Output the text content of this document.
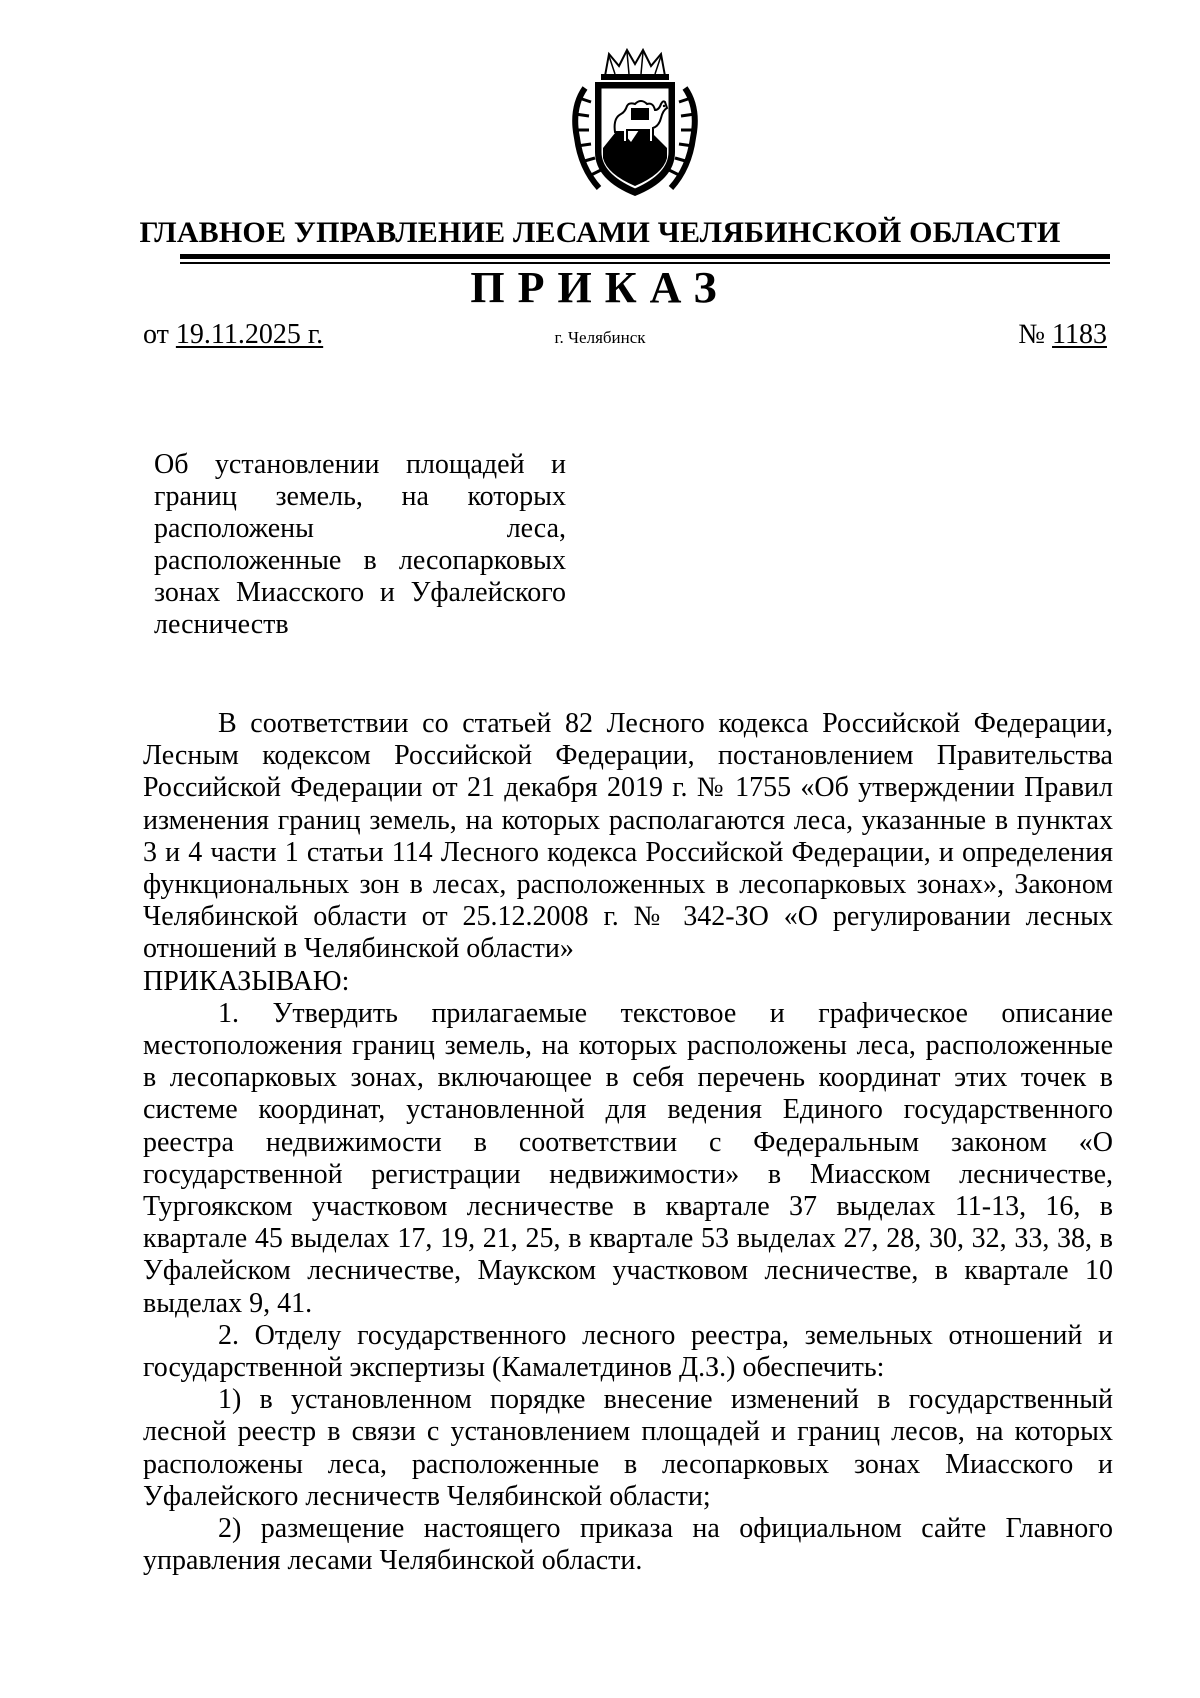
ГЛАВНОЕ УПРАВЛЕНИЕ ЛЕСАМИ ЧЕЛЯБИНСКОЙ ОБЛАСТИ
ПРИКАЗ
от 19.11.2025 г.	г. Челябинск	№ 1183

Об установлении площадей и границ земель, на которых расположены леса, расположенные в лесопарковых зонах Миасского и Уфалейского лесничеств

В соответствии со статьей 82 Лесного кодекса Российской Федерации, Лесным кодексом Российской Федерации, постановлением Правительства Российской Федерации от 21 декабря 2019 г. № 1755 «Об утверждении Правил изменения границ земель, на которых располагаются леса, указанные в пунктах 3 и 4 части 1 статьи 114 Лесного кодекса Российской Федерации, и определения функциональных зон в лесах, расположенных в лесопарковых зонах», Законом Челябинской области от 25.12.2008 г. № 342-ЗО «О регулировании лесных отношений в Челябинской области»

ПРИКАЗЫВАЮ:

1. Утвердить прилагаемые текстовое и графическое описание местоположения границ земель, на которых расположены леса, расположенные в лесопарковых зонах, включающее в себя перечень координат этих точек в системе координат, установленной для ведения Единого государственного реестра недвижимости в соответствии с Федеральным законом «О государственной регистрации недвижимости» в Миасском лесничестве, Тургоякском участковом лесничестве в квартале 37 выделах 11-13, 16, в квартале 45 выделах 17, 19, 21, 25, в квартале 53 выделах 27, 28, 30, 32, 33, 38, в Уфалейском лесничестве, Маукском участковом лесничестве, в квартале 10 выделах 9, 41.

2. Отделу государственного лесного реестра, земельных отношений и государственной экспертизы (Камалетдинов Д.З.) обеспечить:

1) в установленном порядке внесение изменений в государственный лесной реестр в связи с установлением площадей и границ лесов, на которых расположены леса, расположенные в лесопарковых зонах Миасского и Уфалейского лесничеств Челябинской области;

2) размещение настоящего приказа на официальном сайте Главного управления лесами Челябинской области.
